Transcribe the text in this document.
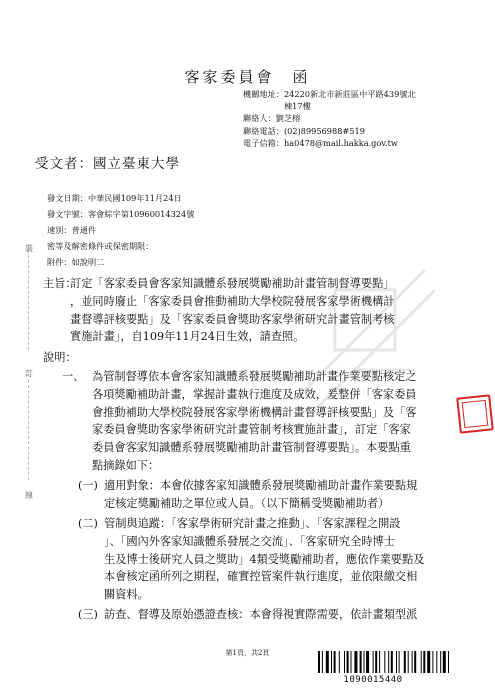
客家委員會　函
機關地址： 24220新北市新莊區中平路439號北
棟17樓
聯絡人： 劉芝榕
聯絡電話： (02)89956988#519
電子信箱： ha0478@mail.hakka.gov.tw
受文者：國立臺東大學
發文日期：中華民國109年11月24日
發文字號：客會綜字第10960014324號
速別：普通件
密等及解密條件或保密期限：
附件：如說明二
裝
訂
線
主旨：
訂定「客家委員會客家知識體系發展獎勵補助計畫管制督導要點」
，並同時廢止「客家委員會推動補助大學校院發展客家學術機構計
畫督導評核要點」及「客家委員會獎助客家學術研究計畫管制考核
實施計畫」，自109年11月24日生效，請查照。
說明：
一、 為管制督導依本會客家知識體系發展獎勵補助計畫作業要點核定之
各項獎勵補助計畫，掌握計畫執行進度及成效，爰整併「客家委員
會推動補助大學校院發展客家學術機構計畫督導評核要點」及「客
家委員會獎助客家學術研究計畫管制考核實施計畫」，訂定「客家
委員會客家知識體系發展獎勵補助計畫管制督導要點」。本要點重
點摘錄如下：
(一) 適用對象：本會依據客家知識體系發展獎勵補助計畫作業要點規
定核定獎勵補助之單位或人員。（以下簡稱受獎勵補助者）
(二) 管制與追蹤：「客家學術研究計畫之推動」、「客家課程之開設
」、「國內外客家知識體系發展之交流」、「客家研究全時博士
生及博士後研究人員之獎助」4類受獎勵補助者，應依作業要點及
本會核定函所列之期程，確實控管案件執行進度，並依限繳交相
關資料。
(三) 訪查、督導及原始憑證查核：本會得視實際需要，依計畫類型派
第1頁，共2頁
1090015440
